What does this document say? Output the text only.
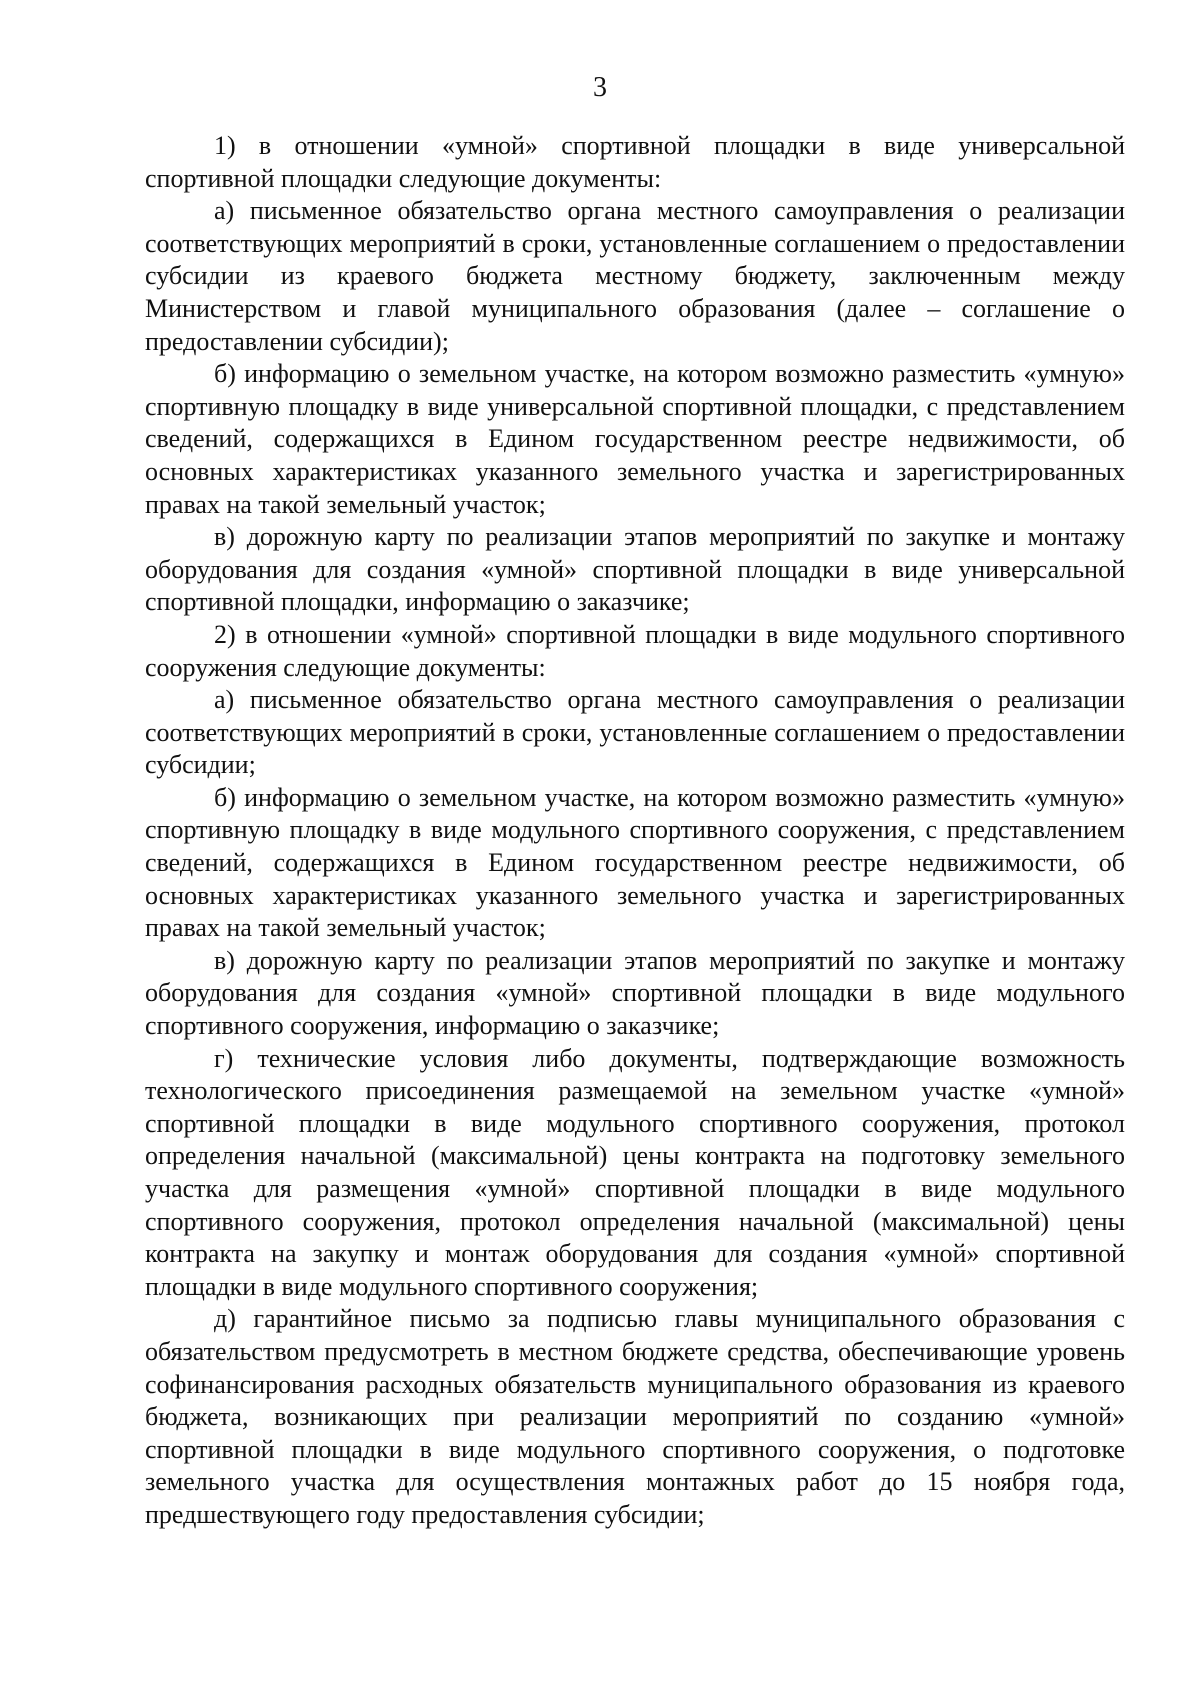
3

1) в отношении «умной» спортивной площадки в виде универсальной спортивной площадки следующие документы:

а) письменное обязательство органа местного самоуправления о реализации соответствующих мероприятий в сроки, установленные соглашением о предоставлении субсидии из краевого бюджета местному бюджету, заключенным между Министерством и главой муниципального образования (далее – соглашение о предоставлении субсидии);

б) информацию о земельном участке, на котором возможно разместить «умную» спортивную площадку в виде универсальной спортивной площадки, с представлением сведений, содержащихся в Едином государственном реестре недвижимости, об основных характеристиках указанного земельного участка и зарегистрированных правах на такой земельный участок;

в) дорожную карту по реализации этапов мероприятий по закупке и монтажу оборудования для создания «умной» спортивной площадки в виде универсальной спортивной площадки, информацию о заказчике;

2) в отношении «умной» спортивной площадки в виде модульного спортивного сооружения следующие документы:

а) письменное обязательство органа местного самоуправления о реализации соответствующих мероприятий в сроки, установленные соглашением о предоставлении субсидии;

б) информацию о земельном участке, на котором возможно разместить «умную» спортивную площадку в виде модульного спортивного сооружения, с представлением сведений, содержащихся в Едином государственном реестре недвижимости, об основных характеристиках указанного земельного участка и зарегистрированных правах на такой земельный участок;

в) дорожную карту по реализации этапов мероприятий по закупке и монтажу оборудования для создания «умной» спортивной площадки в виде модульного спортивного сооружения, информацию о заказчике;

г) технические условия либо документы, подтверждающие возможность технологического присоединения размещаемой на земельном участке «умной» спортивной площадки в виде модульного спортивного сооружения, протокол определения начальной (максимальной) цены контракта на подготовку земельного участка для размещения «умной» спортивной площадки в виде модульного спортивного сооружения, протокол определения начальной (максимальной) цены контракта на закупку и монтаж оборудования для создания «умной» спортивной площадки в виде модульного спортивного сооружения;

д) гарантийное письмо за подписью главы муниципального образования с обязательством предусмотреть в местном бюджете средства, обеспечивающие уровень софинансирования расходных обязательств муниципального образования из краевого бюджета, возникающих при реализации мероприятий по созданию «умной» спортивной площадки в виде модульного спортивного сооружения, о подготовке земельного участка для осуществления монтажных работ до 15 ноября года, предшествующего году предоставления субсидии;
